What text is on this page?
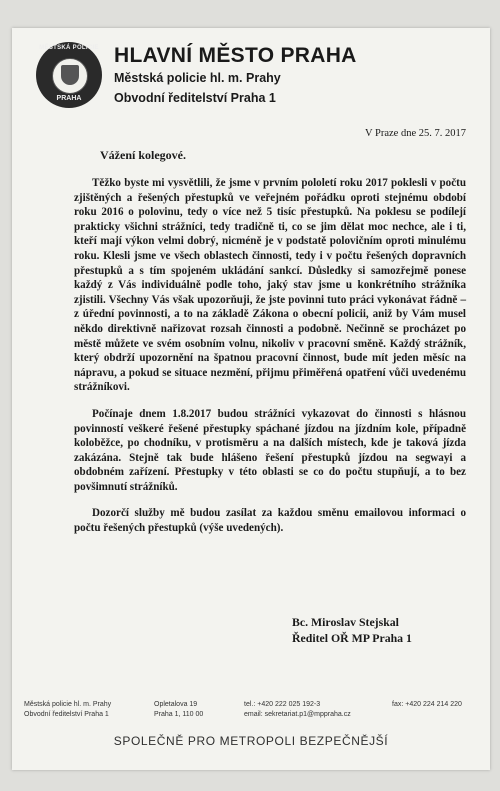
MĚSTSKÁ POLICIE
PRAHA
HLAVNÍ MĚSTO PRAHA
Městská policie hl. m. Prahy
Obvodní ředitelství Praha 1
V Praze dne 25. 7. 2017
Vážení kolegové.

Těžko byste mi vysvětlili, že jsme v prvním pololetí roku 2017 poklesli v počtu zjištěných a řešených přestupků ve veřejném pořádku oproti stejnému období roku 2016 o polovinu, tedy o více než 5 tisíc přestupků. Na poklesu se podílejí prakticky všichni strážníci, tedy tradičně ti, co se jim dělat moc nechce, ale i ti, kteří mají výkon velmi dobrý, nicméně je v podstatě polovičním oproti minulému roku. Klesli jsme ve všech oblastech činnosti, tedy i v počtu řešených dopravních přestupků a s tím spojeném ukládání sankcí. Důsledky si samozřejmě ponese každý z Vás individuálně podle toho, jaký stav jsme u konkrétního strážníka zjistili. Všechny Vás však upozorňuji, že jste povinni tuto práci vykonávat řádně – z úřední povinnosti, a to na základě Zákona o obecní policii, aniž by Vám musel někdo direktivně nařizovat rozsah činnosti a podobně. Nečinně se procházet po městě můžete ve svém osobním volnu, nikoliv v pracovní směně. Každý strážník, který obdrží upozornění na špatnou pracovní činnost, bude mít jeden měsíc na nápravu, a pokud se situace nezmění, přijmu přiměřená opatření vůči uvedenému strážníkovi.

Počínaje dnem 1.8.2017 budou strážníci vykazovat do činnosti s hlásnou povinností veškeré řešené přestupky spáchané jízdou na jízdním kole, případně koloběžce, po chodníku, v protisměru a na dalších místech, kde je taková jízda zakázána. Stejně tak bude hlášeno řešení přestupků jízdou na segwayi a obdobném zařízení. Přestupky v této oblasti se co do počtu stupňují, a to bez povšimnutí strážníků.

Dozorčí služby mě budou zasílat za každou směnu emailovou informaci o počtu řešených přestupků (výše uvedených).

Bc. Miroslav Stejskal
Ředitel OŘ MP Praha 1
Městská policie hl. m. Prahy
Obvodní ředitelství Praha 1
Opletalova 19
Praha 1, 110 00
tel.: +420 222 025 192-3
email: sekretariat.p1@mppraha.cz
fax: +420 224 214 220
SPOLEČNĚ PRO METROPOLI BEZPEČNĚJŠÍ
